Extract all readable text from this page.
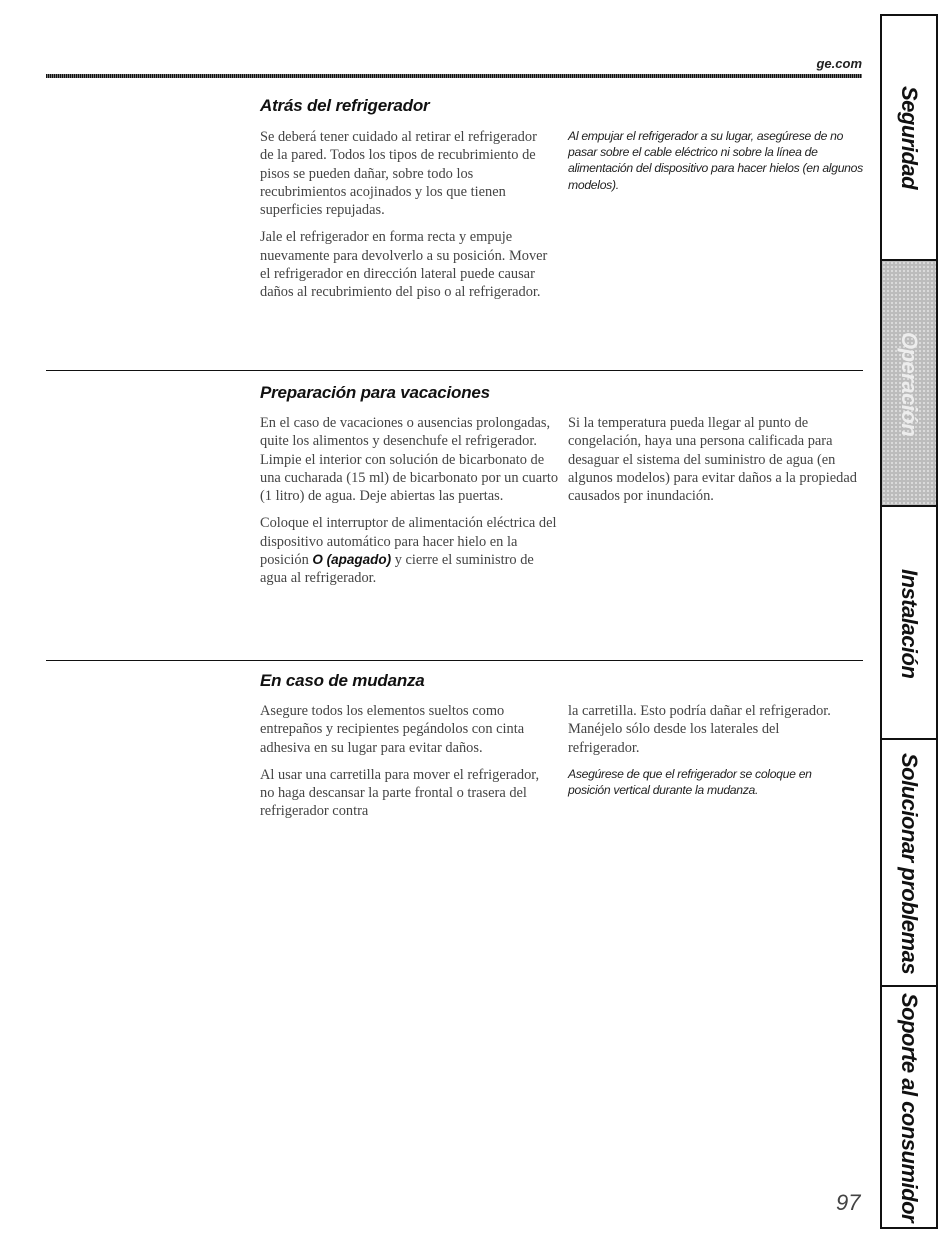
ge.com
Atrás del refrigerador

Se deberá tener cuidado al retirar el refrigerador de la pared. Todos los tipos de recubrimiento de pisos se pueden dañar, sobre todo los recubrimientos acojinados y los que tienen superficies repujadas.

Jale el refrigerador en forma recta y empuje nuevamente para devolverlo a su posición. Mover el refrigerador en dirección lateral puede causar daños al recubrimiento del piso o al refrigerador.

Al empujar el refrigerador a su lugar, asegúrese de no pasar sobre el cable eléctrico ni sobre la línea de alimentación del dispositivo para hacer hielos (en algunos modelos).

Preparación para vacaciones

En el caso de vacaciones o ausencias prolongadas, quite los alimentos y desenchufe el refrigerador. Limpie el interior con solución de bicarbonato de una cucharada (15 ml) de bicarbonato por un cuarto (1 litro) de agua. Deje abiertas las puertas.

Coloque el interruptor de alimentación eléctrica del dispositivo automático para hacer hielo en la posición O (apagado) y cierre el suministro de agua al refrigerador.

Si la temperatura pueda llegar al punto de congelación, haya una persona calificada para desaguar el sistema del suministro de agua (en algunos modelos) para evitar daños a la propiedad causados por inundación.

En caso de mudanza

Asegure todos los elementos sueltos como entrepaños y recipientes pegándolos con cinta adhesiva en su lugar para evitar daños.

Al usar una carretilla para mover el refrigerador, no haga descansar la parte frontal o trasera del refrigerador contra

la carretilla. Esto podría dañar el refrigerador. Manéjelo sólo desde los laterales del refrigerador.

Asegúrese de que el refrigerador se coloque en posición vertical durante la mudanza.

97
Seguridad
Operación
Instalación
Solucionar problemas
Soporte al consumidor
